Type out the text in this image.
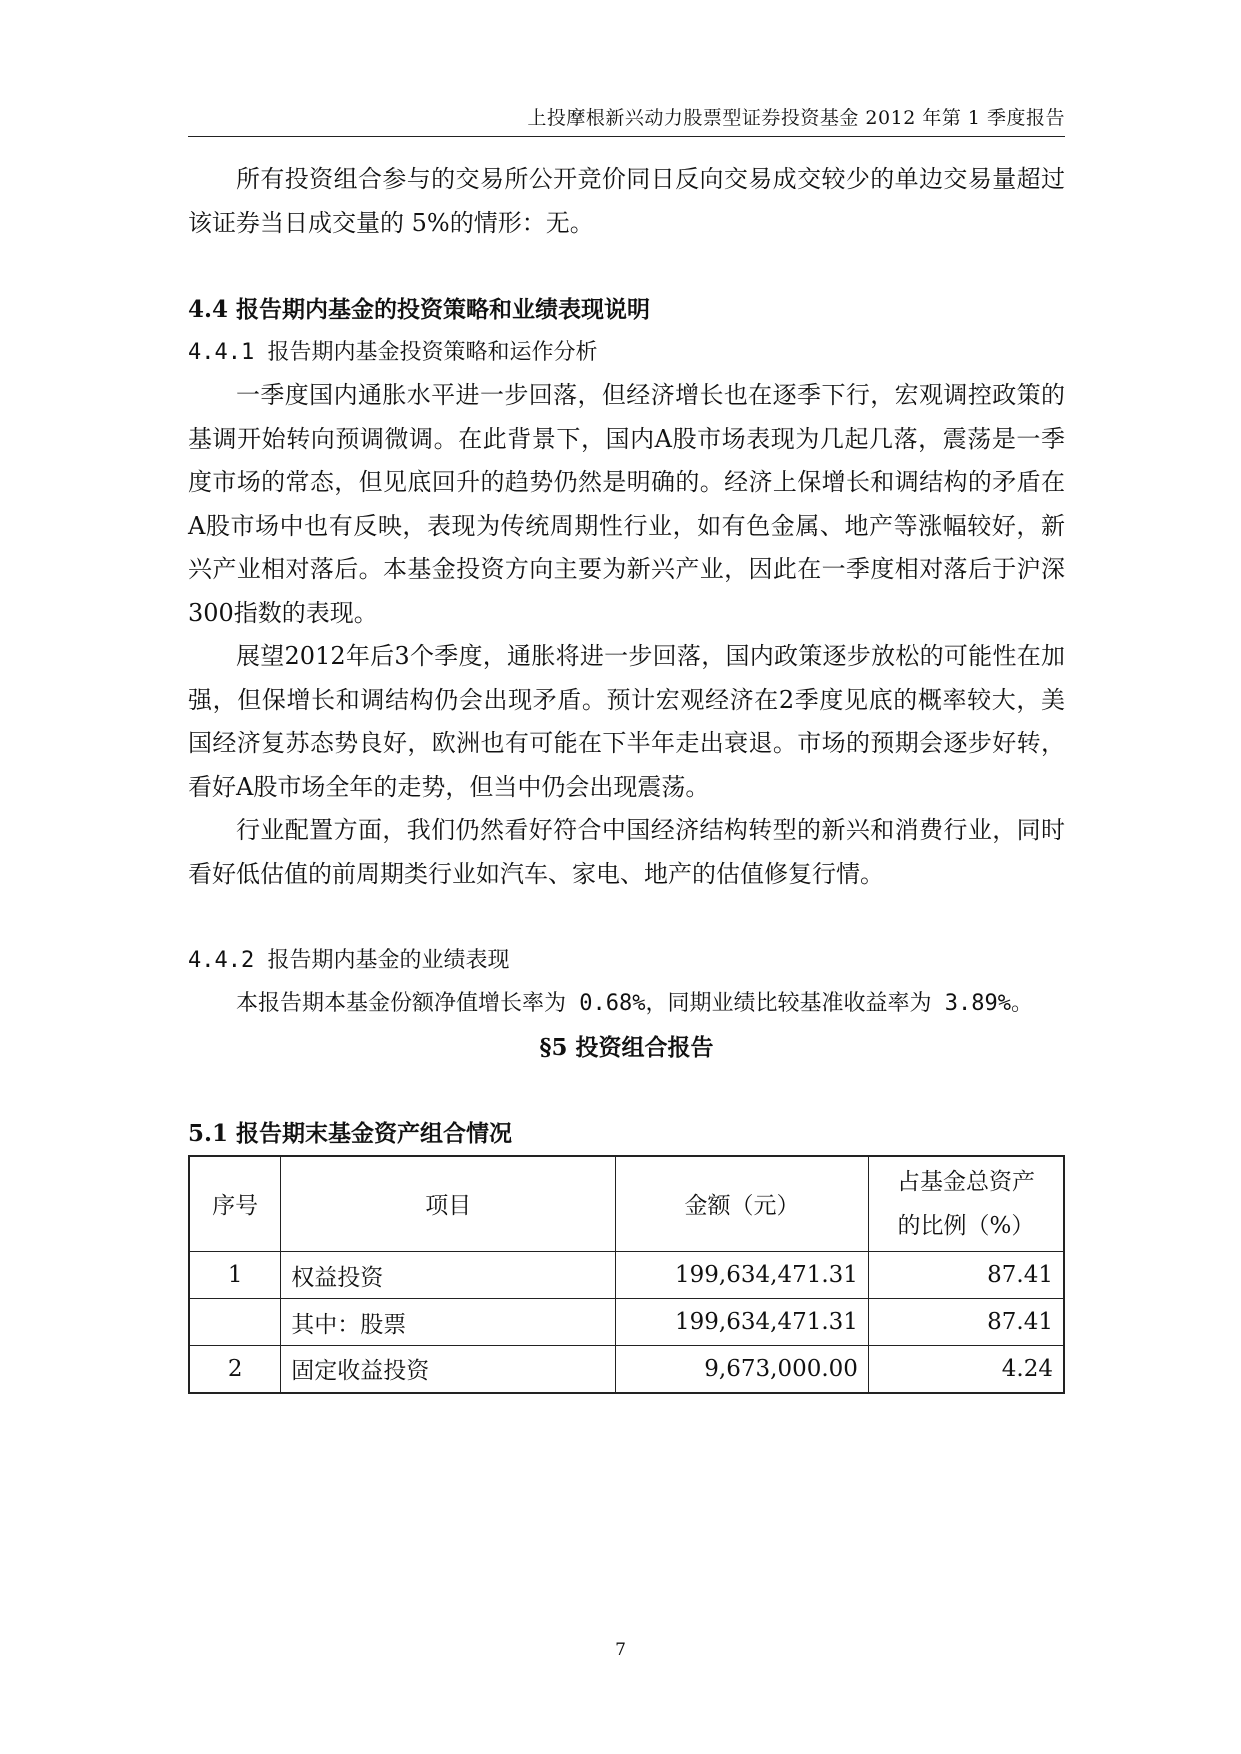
上投摩根新兴动力股票型证券投资基金 2012 年第 1 季度报告

所有投资组合参与的交易所公开竞价同日反向交易成交较少的单边交易量超过该证券当日成交量的 5%的情形：无。

4.4 报告期内基金的投资策略和业绩表现说明

4.4.1 报告期内基金投资策略和运作分析

一季度国内通胀水平进一步回落，但经济增长也在逐季下行，宏观调控政策的基调开始转向预调微调。在此背景下，国内A股市场表现为几起几落，震荡是一季度市场的常态，但见底回升的趋势仍然是明确的。经济上保增长和调结构的矛盾在A股市场中也有反映，表现为传统周期性行业，如有色金属、地产等涨幅较好，新兴产业相对落后。本基金投资方向主要为新兴产业，因此在一季度相对落后于沪深300指数的表现。

展望2012年后3个季度，通胀将进一步回落，国内政策逐步放松的可能性在加强，但保增长和调结构仍会出现矛盾。预计宏观经济在2季度见底的概率较大，美国经济复苏态势良好，欧洲也有可能在下半年走出衰退。市场的预期会逐步好转，看好A股市场全年的走势，但当中仍会出现震荡。

行业配置方面，我们仍然看好符合中国经济结构转型的新兴和消费行业，同时看好低估值的前周期类行业如汽车、家电、地产的估值修复行情。

4.4.2 报告期内基金的业绩表现

本报告期本基金份额净值增长率为 0.68%，同期业绩比较基准收益率为 3.89%。

§5 投资组合报告

5.1 报告期末基金资产组合情况

序号	项目	金额（元）	占基金总资产
的比例（%）
1	权益投资	199,634,471.31	87.41
	其中：股票	199,634,471.31	87.41
2	固定收益投资	9,673,000.00	4.24
7
